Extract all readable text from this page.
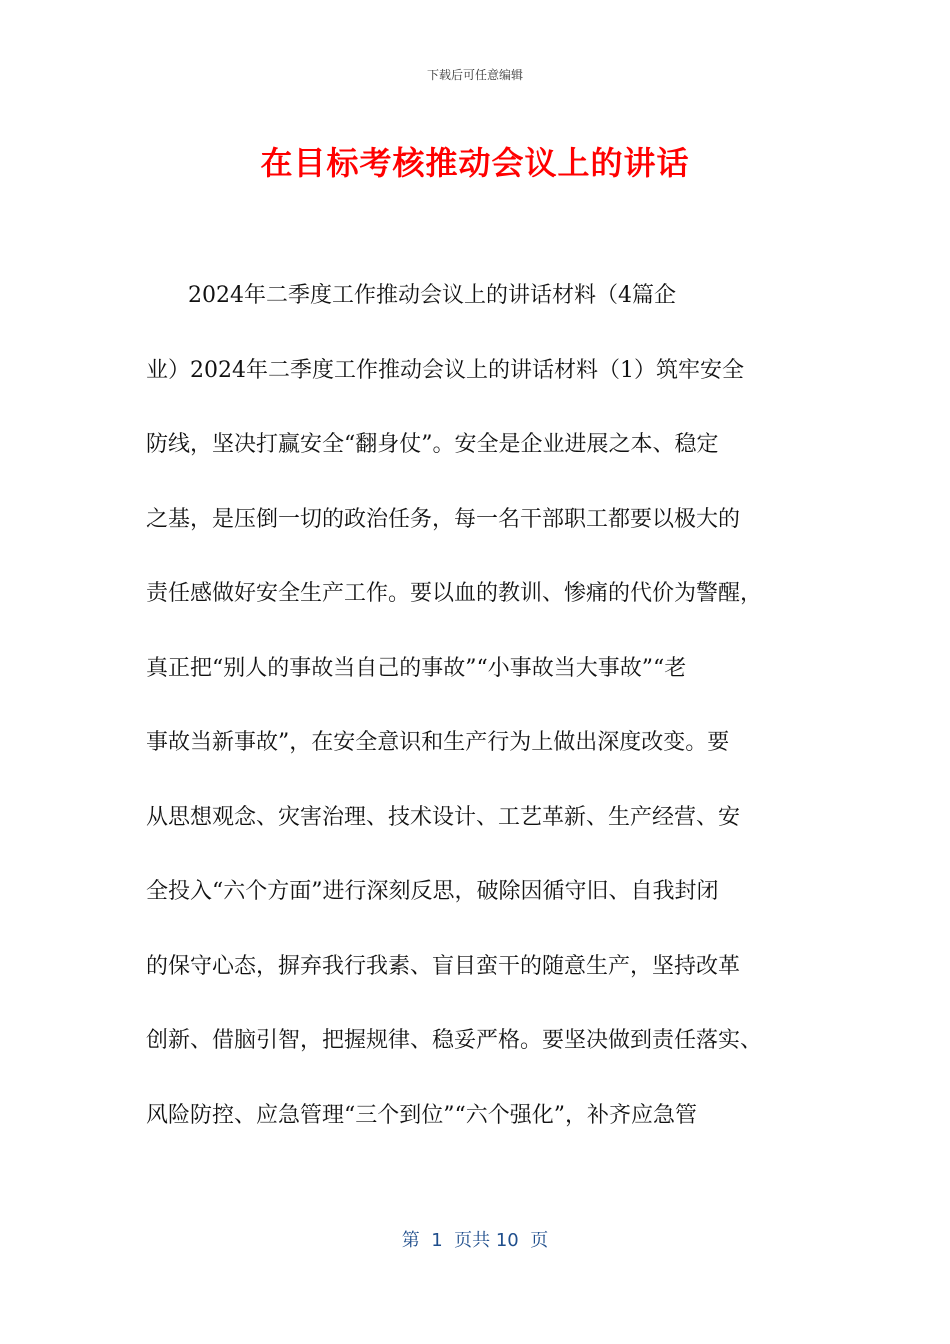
下载后可任意编辑
在目标考核推动会议上的讲话
2024年二季度工作推动会议上的讲话材料（4篇企
业）2024年二季度工作推动会议上的讲话材料（1）筑牢安全
防线，坚决打赢安全“翻身仗”。安全是企业进展之本、稳定
之基，是压倒一切的政治任务，每一名干部职工都要以极大的
责任感做好安全生产工作。要以血的教训、惨痛的代价为警醒，
真正把“别人的事故当自己的事故”“小事故当大事故”“老
事故当新事故”，在安全意识和生产行为上做出深度改变。要
从思想观念、灾害治理、技术设计、工艺革新、生产经营、安
全投入“六个方面”进行深刻反思，破除因循守旧、自我封闭
的保守心态，摒弃我行我素、盲目蛮干的随意生产，坚持改革
创新、借脑引智，把握规律、稳妥严格。要坚决做到责任落实、
风险防控、应急管理“三个到位”“六个强化”，补齐应急管
第  1  页共 10  页
